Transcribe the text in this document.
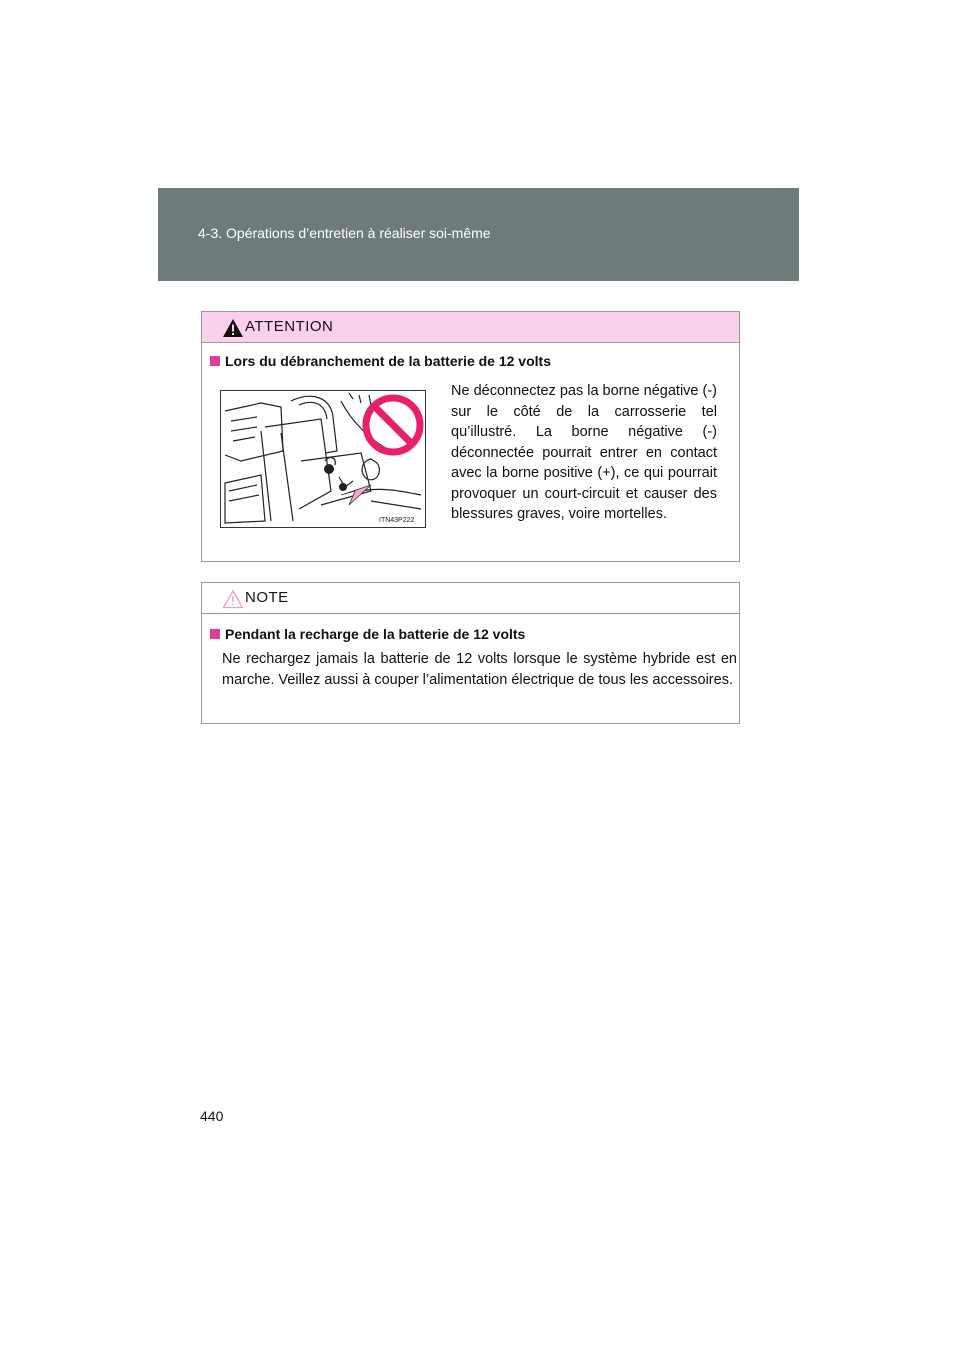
4-3. Opérations d’entretien à réaliser soi-même
ATTENTION
Lors du débranchement de la batterie de 12 volts
ITN43P222
Ne déconnectez pas la borne négative (-) sur le côté de la carrosserie tel qu’illustré. La borne négative (-) déconnectée pourrait entrer en contact avec la borne positive (+), ce qui pourrait provoquer un court-circuit et causer des blessures graves, voire mortelles.
NOTE
Pendant la recharge de la batterie de 12 volts
Ne rechargez jamais la batterie de 12 volts lorsque le système hybride est en marche. Veillez aussi à couper l’alimentation électrique de tous les accessoires.
440
